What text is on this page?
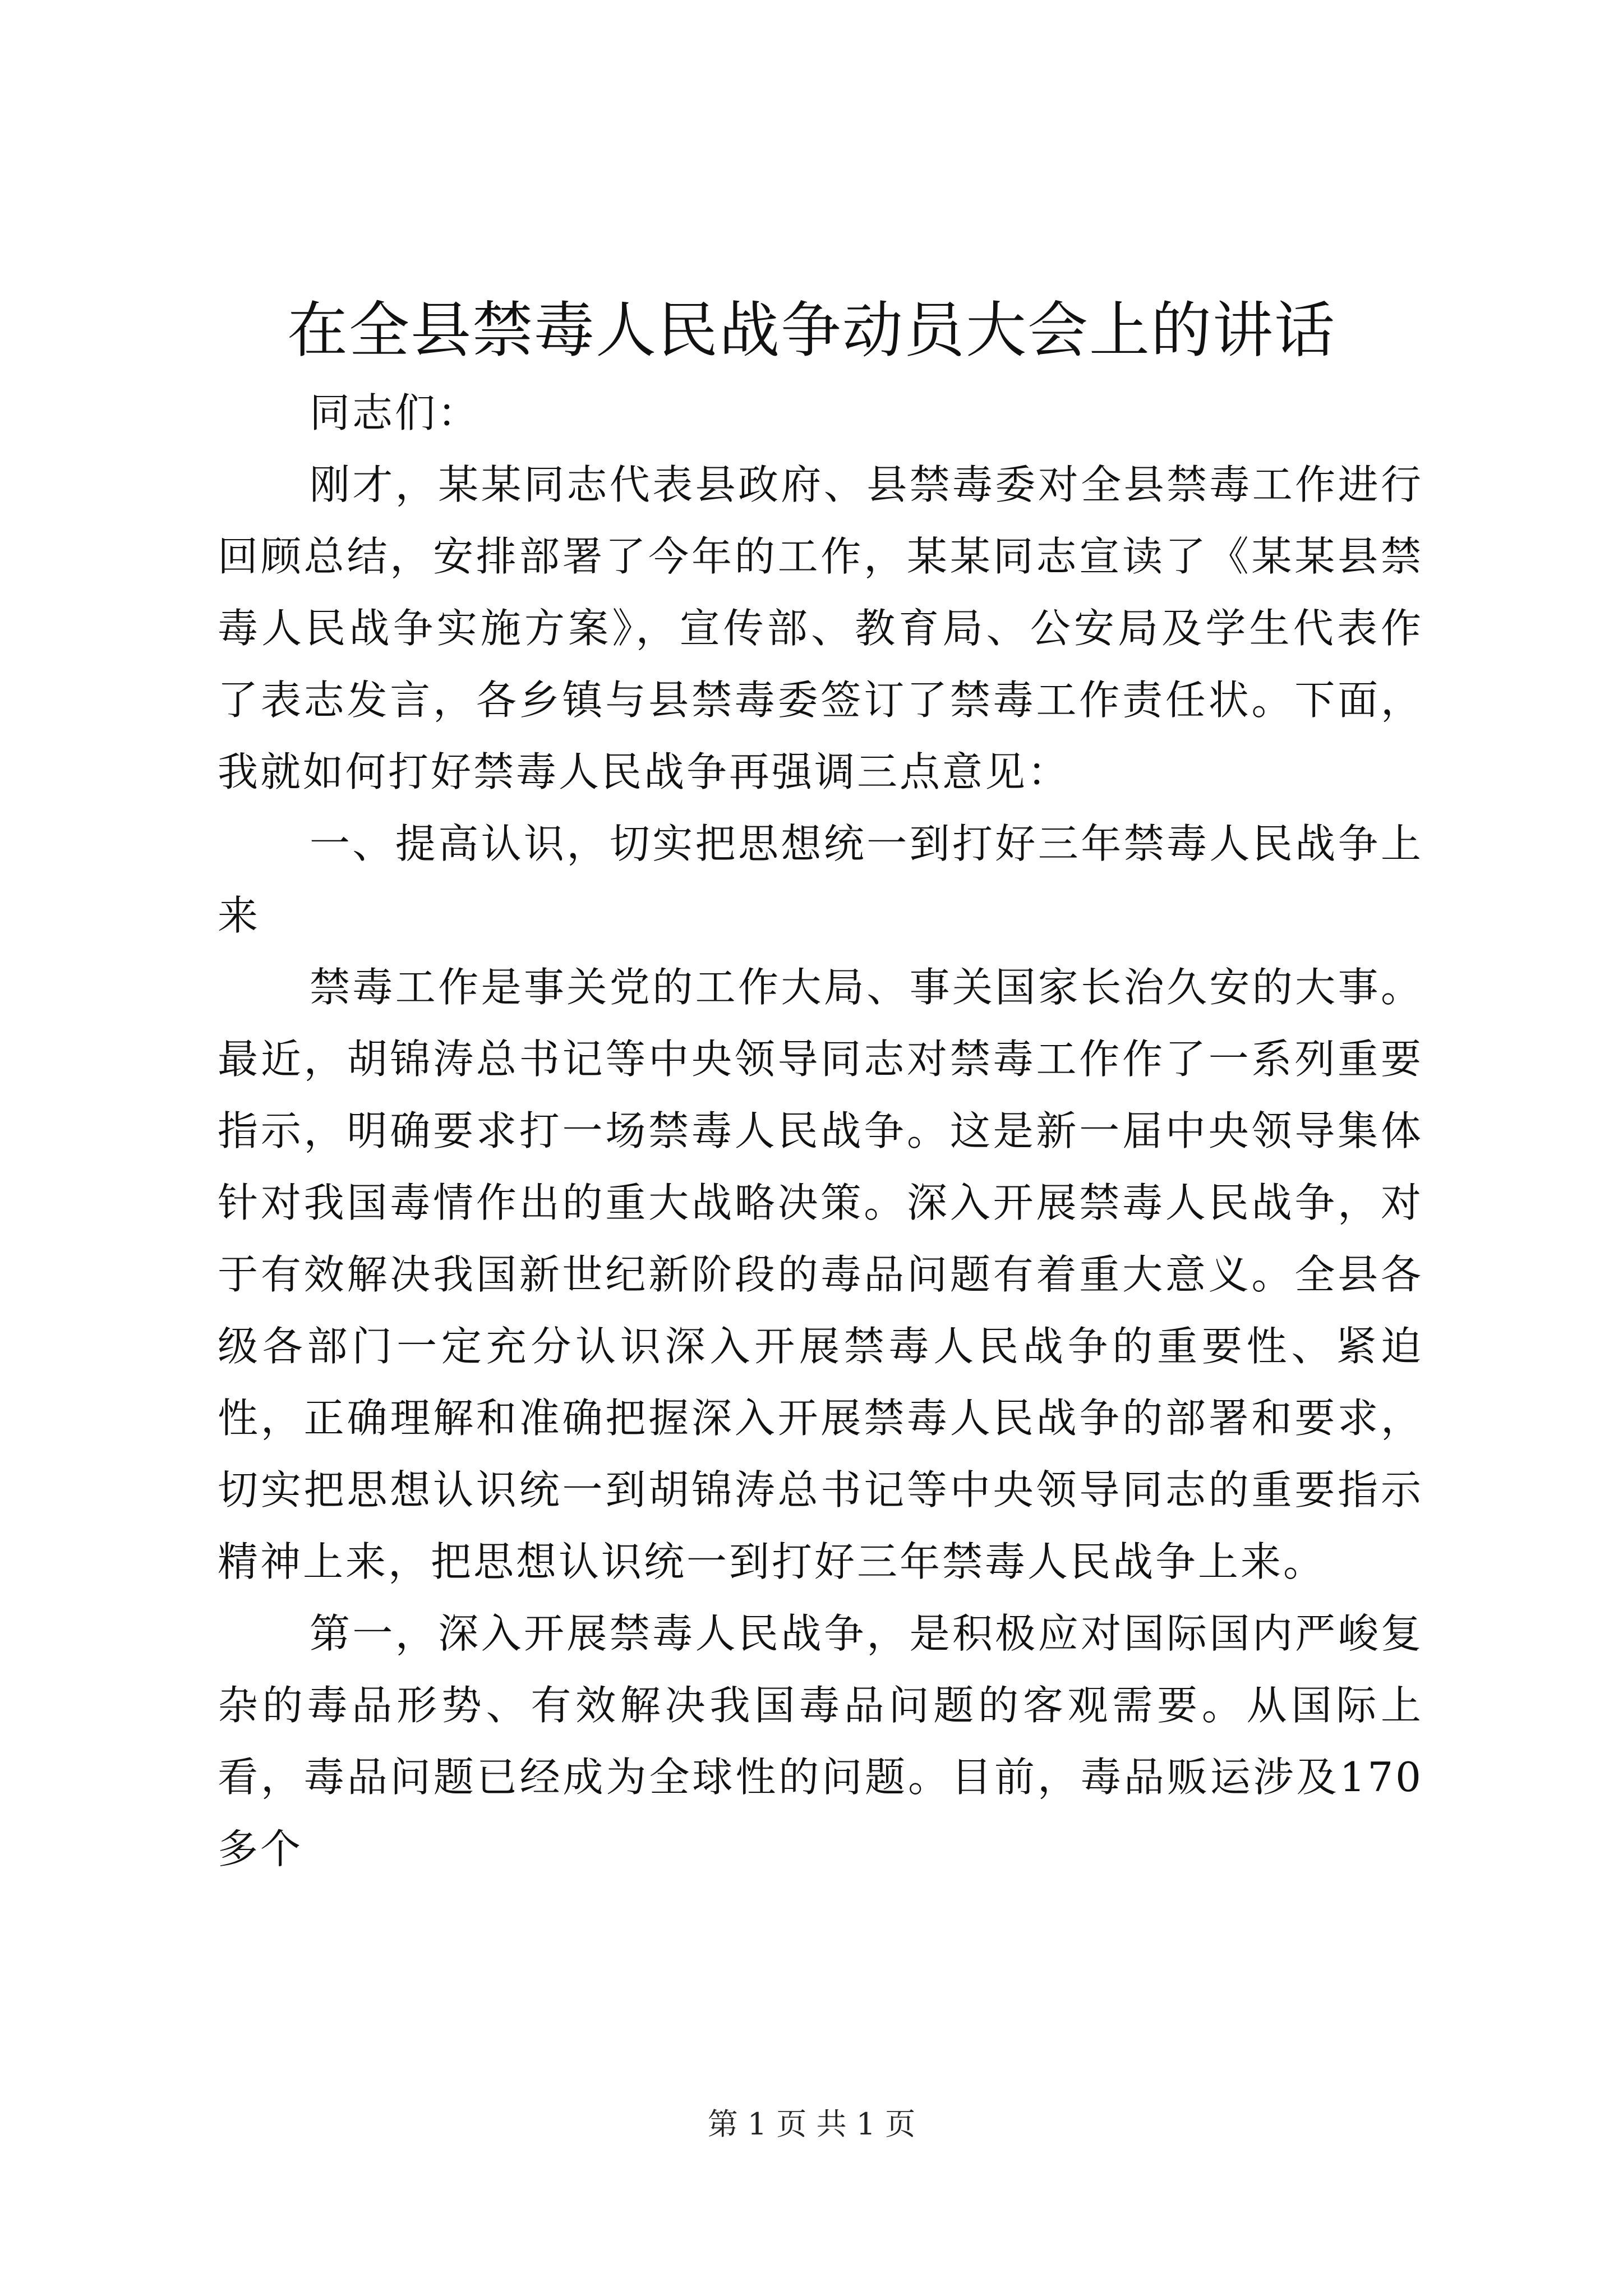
在全县禁毒人民战争动员大会上的讲话

同志们：

刚才，某某同志代表县政府、县禁毒委对全县禁毒工作进行回顾总结，安排部署了今年的工作，某某同志宣读了《某某县禁毒人民战争实施方案》，宣传部、教育局、公安局及学生代表作了表志发言，各乡镇与县禁毒委签订了禁毒工作责任状。下面，我就如何打好禁毒人民战争再强调三点意见：

一、提高认识，切实把思想统一到打好三年禁毒人民战争上来

禁毒工作是事关党的工作大局、事关国家长治久安的大事。最近，胡锦涛总书记等中央领导同志对禁毒工作作了一系列重要指示，明确要求打一场禁毒人民战争。这是新一届中央领导集体针对我国毒情作出的重大战略决策。深入开展禁毒人民战争，对于有效解决我国新世纪新阶段的毒品问题有着重大意义。全县各级各部门一定充分认识深入开展禁毒人民战争的重要性、紧迫性，正确理解和准确把握深入开展禁毒人民战争的部署和要求，切实把思想认识统一到胡锦涛总书记等中央领导同志的重要指示精神上来，把思想认识统一到打好三年禁毒人民战争上来。

第一，深入开展禁毒人民战争，是积极应对国际国内严峻复杂的毒品形势、有效解决我国毒品问题的客观需要。从国际上看，毒品问题已经成为全球性的问题。目前，毒品贩运涉及170多个

第 1 页 共 1 页
